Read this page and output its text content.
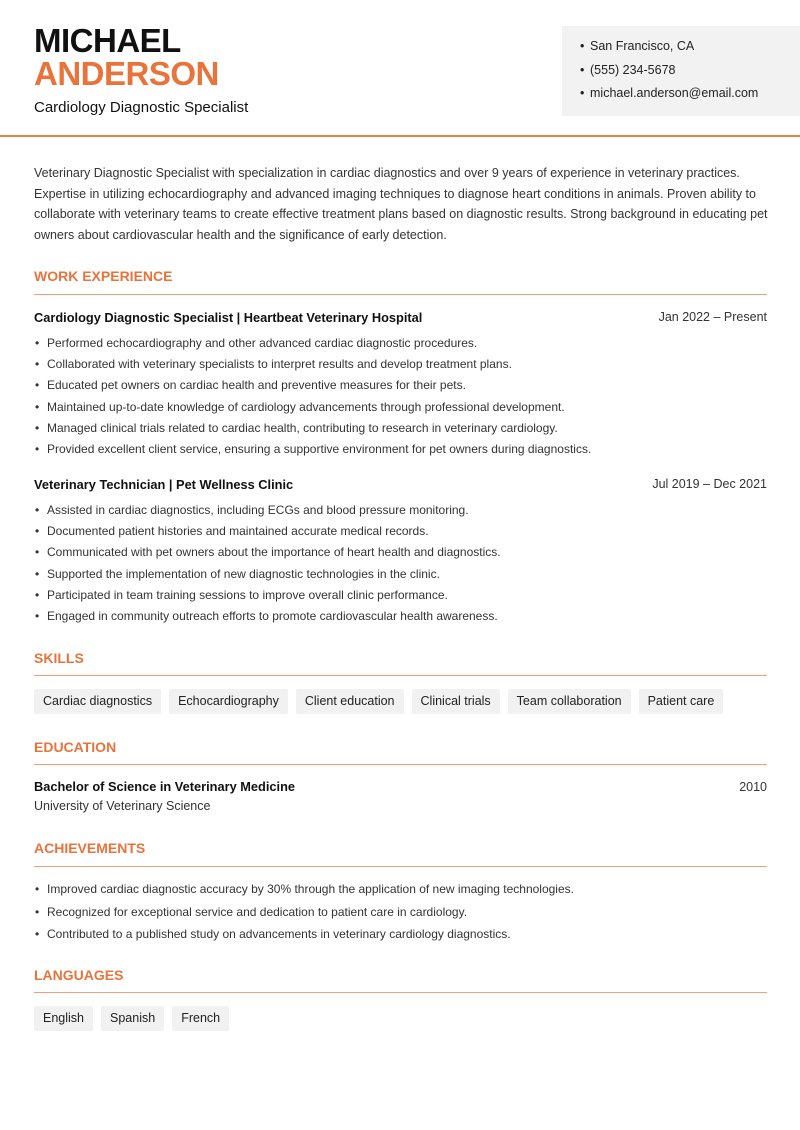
MICHAEL
ANDERSON
Cardiology Diagnostic Specialist
• San Francisco, CA
• (555) 234-5678
• michael.anderson@email.com

Veterinary Diagnostic Specialist with specialization in cardiac diagnostics and over 9 years of experience in veterinary practices. Expertise in utilizing echocardiography and advanced imaging techniques to diagnose heart conditions in animals. Proven ability to collaborate with veterinary teams to create effective treatment plans based on diagnostic results. Strong background in educating pet owners about cardiovascular health and the significance of early detection.

WORK EXPERIENCE
Cardiology Diagnostic Specialist | Heartbeat Veterinary Hospital	Jan 2022 – Present
• Performed echocardiography and other advanced cardiac diagnostic procedures.
• Collaborated with veterinary specialists to interpret results and develop treatment plans.
• Educated pet owners on cardiac health and preventive measures for their pets.
• Maintained up-to-date knowledge of cardiology advancements through professional development.
• Managed clinical trials related to cardiac health, contributing to research in veterinary cardiology.
• Provided excellent client service, ensuring a supportive environment for pet owners during diagnostics.
Veterinary Technician | Pet Wellness Clinic	Jul 2019 – Dec 2021
• Assisted in cardiac diagnostics, including ECGs and blood pressure monitoring.
• Documented patient histories and maintained accurate medical records.
• Communicated with pet owners about the importance of heart health and diagnostics.
• Supported the implementation of new diagnostic technologies in the clinic.
• Participated in team training sessions to improve overall clinic performance.
• Engaged in community outreach efforts to promote cardiovascular health awareness.
SKILLS
Cardiac diagnostics	Echocardiography	Client education	Clinical trials	Team collaboration	Patient care
EDUCATION
Bachelor of Science in Veterinary Medicine	2010
University of Veterinary Science
ACHIEVEMENTS
• Improved cardiac diagnostic accuracy by 30% through the application of new imaging technologies.
• Recognized for exceptional service and dedication to patient care in cardiology.
• Contributed to a published study on advancements in veterinary cardiology diagnostics.
LANGUAGES
English	Spanish	French
